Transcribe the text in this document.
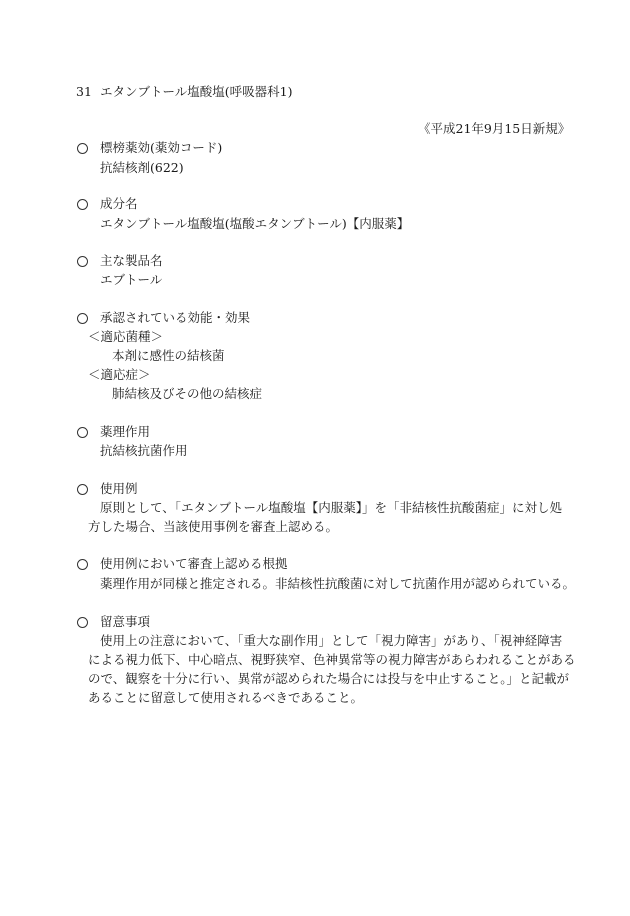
31 エタンブトール塩酸塩(呼吸器科1)
《平成21年9月15日新規》
標榜薬効(薬効コード)
抗結核剤(622)
成分名
エタンブトール塩酸塩(塩酸エタンブトール)【内服薬】
主な製品名
エブトール
承認されている効能・効果
＜適応菌種＞
本剤に感性の結核菌
＜適応症＞
肺結核及びその他の結核症
薬理作用
抗結核抗菌作用
使用例
原則として、「エタンブトール塩酸塩【内服薬】」を「非結核性抗酸菌症」に対し処
方した場合、当該使用事例を審査上認める。
使用例において審査上認める根拠
薬理作用が同様と推定される。非結核性抗酸菌に対して抗菌作用が認められている。
留意事項
使用上の注意において、「重大な副作用」として「視力障害」があり、「視神経障害
による視力低下、中心暗点、視野狭窄、色神異常等の視力障害があらわれることがある
ので、観察を十分に行い、異常が認められた場合には投与を中止すること。」と記載が
あることに留意して使用されるべきであること。
